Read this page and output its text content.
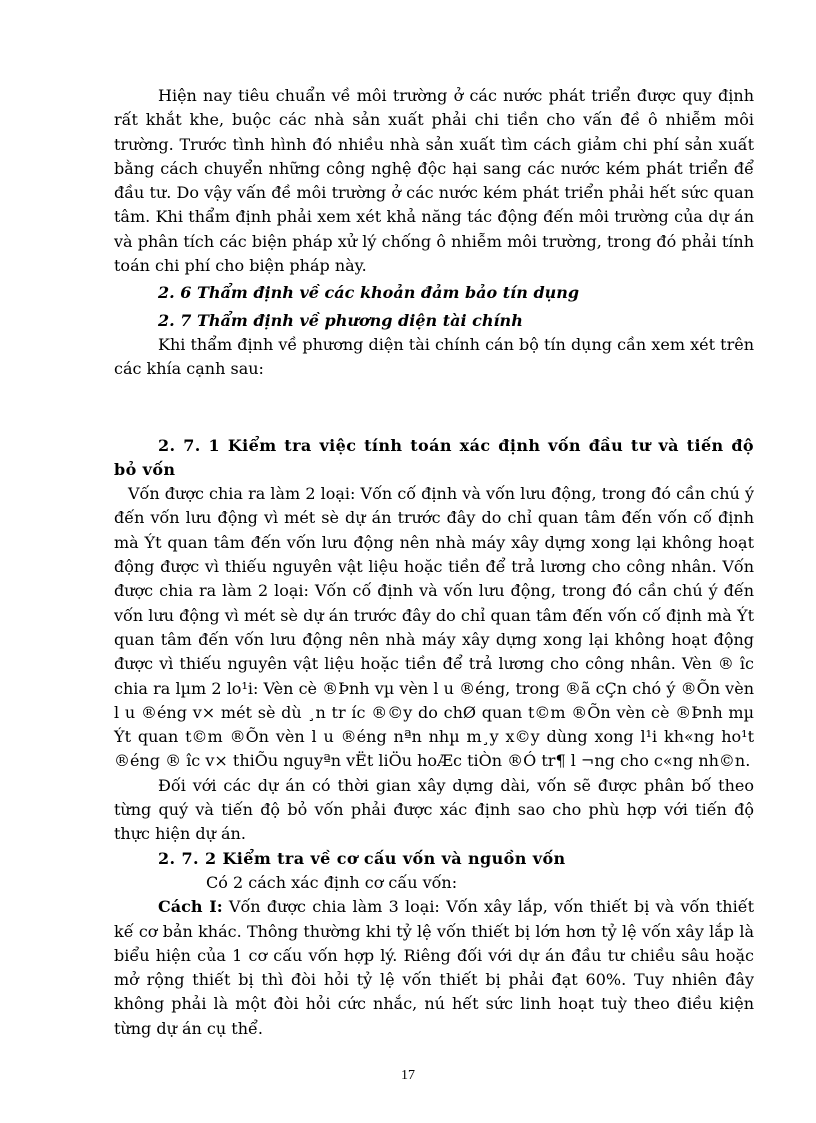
Hiện nay tiêu chuẩn về môi trường ở các nước phát triển được quy định rất khắt khe, buộc các nhà sản xuất phải chi tiền cho vấn đề ô nhiễm môi trường. Trước tình hình đó nhiều nhà sản xuất tìm cách giảm chi phí sản xuất bằng cách chuyển những công nghệ độc hại sang các nước kém phát triển để đầu tư. Do vậy vấn đề môi trường ở các nước kém phát triển phải hết sức quan tâm. Khi thẩm định phải xem xét khả năng tác động đến môi trường của dự án và phân tích các biện pháp xử lý chống ô nhiễm môi trường, trong đó phải tính toán chi phí cho biện pháp này.

2. 6 Thẩm định về các khoản đảm bảo tín dụng

2. 7 Thẩm định về phương diện tài chính

Khi thẩm định về phương diện tài chính cán bộ tín dụng cần xem xét trên các khía cạnh sau:

2. 7. 1 Kiểm tra việc tính toán xác định vốn đầu tư và tiến độ bỏ vốn

Vốn được chia ra làm 2 loại: Vốn cố định và vốn lưu động, trong đó cần chú ý đến vốn lưu động vì mét sè dự án trước đây do chỉ quan tâm đến vốn cố định mà Ýt quan tâm đến vốn lưu động nên nhà máy xây dựng xong lại không hoạt động được vì thiếu nguyên vật liệu hoặc tiền để trả lương cho công nhân. Vốn được chia ra làm 2 loại: Vốn cố định và vốn lưu động, trong đó cần chú ý đến vốn lưu động vì mét sè dự án trước đây do chỉ quan tâm đến vốn cố định mà Ýt quan tâm đến vốn lưu động nên nhà máy xây dựng xong lại không hoạt động được vì thiếu nguyên vật liệu hoặc tiền để trả lương cho công nhân. Vèn ® îc chia ra lµm 2 lo¹i: Vèn cè ®Þnh vµ vèn l u ®éng, trong ®ã cÇn chó ý ®Õn vèn l u ®éng v× mét sè dù ¸n tr íc ®©y do chØ quan t©m ®Õn vèn cè ®Þnh mµ Ýt quan t©m ®Õn vèn l u ®éng nªn nhµ m¸y x©y dùng xong l¹i kh«ng ho¹t ®éng ® îc v× thiÕu nguyªn vËt liÖu hoÆc tiÒn ®Ó tr¶ l ¬ng cho c«ng nh©n.

Đối với các dự án có thời gian xây dựng dài, vốn sẽ được phân bố theo từng quý và tiến độ bỏ vốn phải được xác định sao cho phù hợp với tiến độ thực hiện dự án.

2. 7. 2 Kiểm tra về cơ cấu vốn và nguồn vốn

Có 2 cách xác định cơ cấu vốn:

Cách I: Vốn được chia làm 3 loại: Vốn xây lắp, vốn thiết bị và vốn thiết kế cơ bản khác. Thông thường khi tỷ lệ vốn thiết bị lớn hơn tỷ lệ vốn xây lắp là biểu hiện của 1 cơ cấu vốn hợp lý. Riêng đối với dự án đầu tư chiều sâu hoặc mở rộng thiết bị thì đòi hỏi tỷ lệ vốn thiết bị phải đạt 60%. Tuy nhiên đây không phải là một đòi hỏi cức nhắc, nú hết sức linh hoạt tuỳ theo điều kiện từng dự án cụ thể.

17
